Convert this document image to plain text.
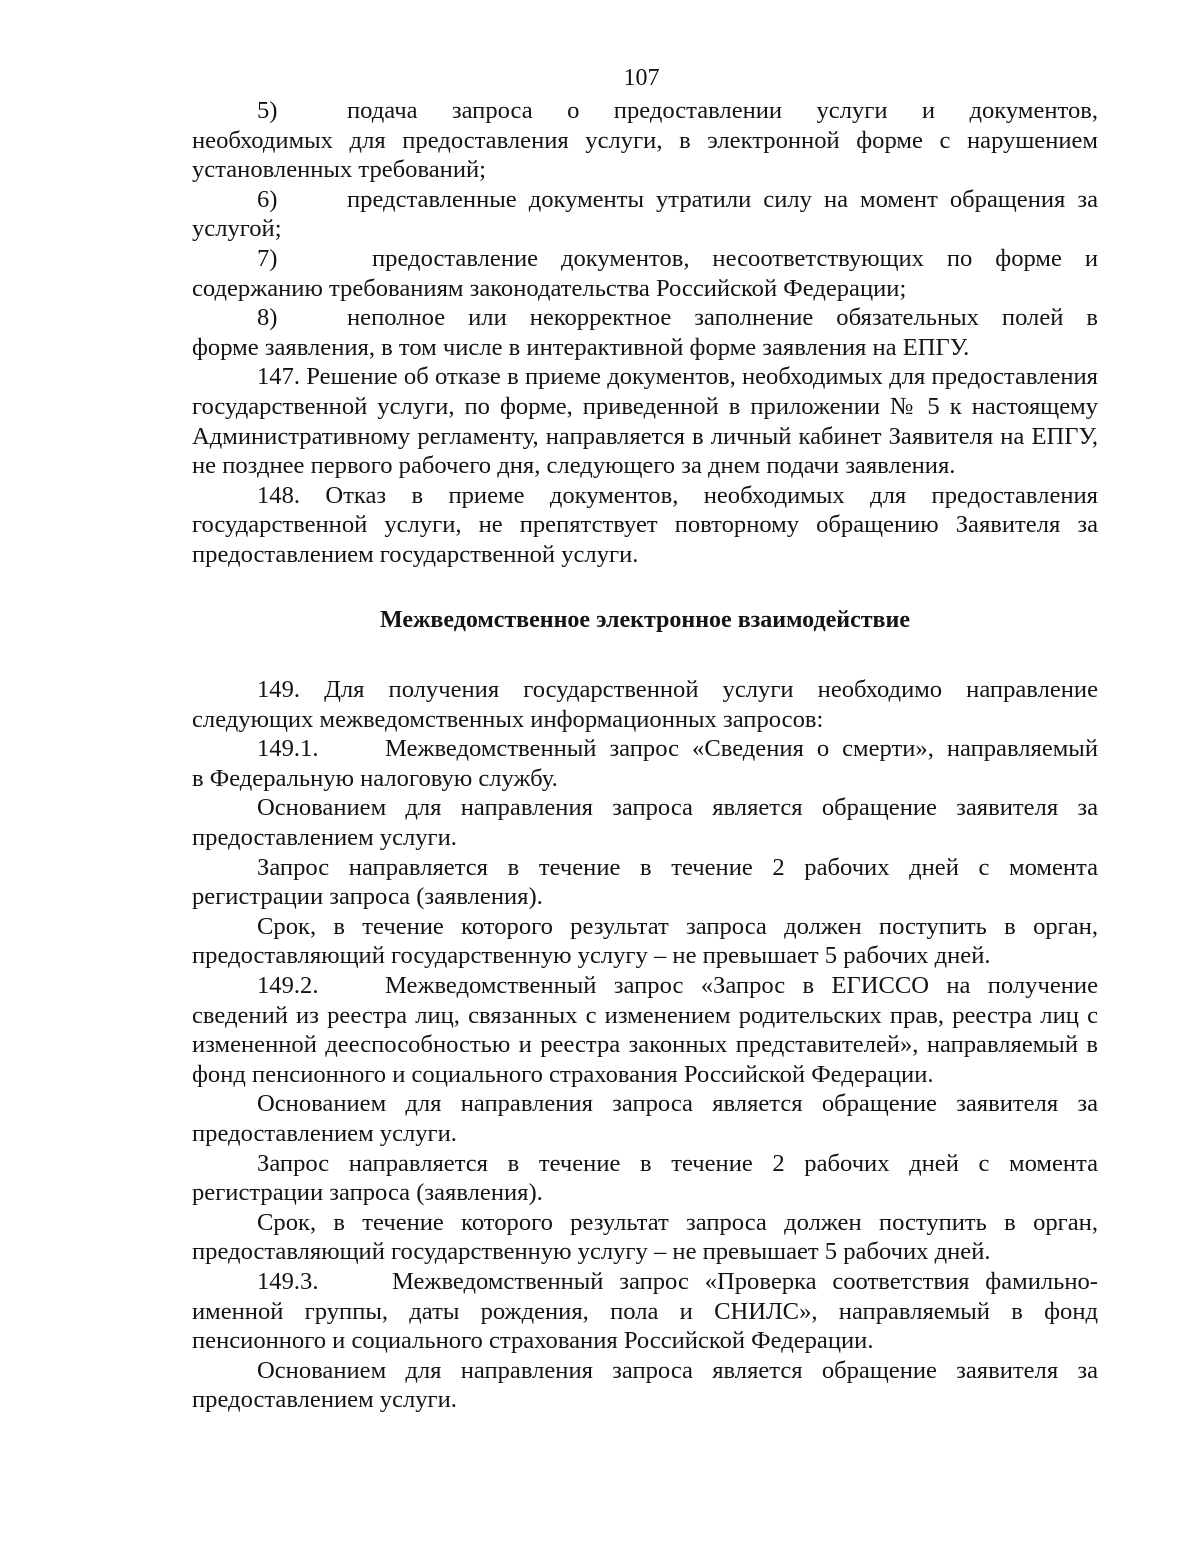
107

5)	подача запроса о предоставлении услуги и документов,

необходимых для предоставления услуги, в электронной форме с нарушением установленных требований;

6)	представленные документы утратили силу на момент обращения за

услугой;

7)	предоставление документов, несоответствующих по форме и

содержанию требованиям законодательства Российской Федерации;

8)	неполное или некорректное заполнение обязательных полей в

форме заявления, в том числе в интерактивной форме заявления на ЕПГУ.

147. Решение об отказе в приеме документов, необходимых для предоставления государственной услуги, по форме, приведенной в приложении № 5 к настоящему Административному регламенту, направляется в личный кабинет Заявителя на ЕПГУ, не позднее первого рабочего дня, следующего за днем подачи заявления.

148. Отказ в приеме документов, необходимых для предоставления государственной услуги, не препятствует повторному обращению Заявителя за предоставлением государственной услуги.

Межведомственное электронное взаимодействие

149. Для получения государственной услуги необходимо направление следующих межведомственных информационных запросов:

149.1.	Межведомственный запрос «Сведения о смерти», направляемый

в Федеральную налоговую службу.

Основанием для направления запроса является обращение заявителя за предоставлением услуги.

Запрос направляется в течение в течение 2 рабочих дней с момента регистрации запроса (заявления).

Срок, в течение которого результат запроса должен поступить в орган, предоставляющий государственную услугу – не превышает 5 рабочих дней.

149.2.	Межведомственный запрос «Запрос в ЕГИССО на получение

сведений из реестра лиц, связанных с изменением родительских прав, реестра лиц с измененной дееспособностью и реестра законных представителей», направляемый в фонд пенсионного и социального страхования Российской Федерации.

Основанием для направления запроса является обращение заявителя за предоставлением услуги.

Запрос направляется в течение в течение 2 рабочих дней с момента регистрации запроса (заявления).

Срок, в течение которого результат запроса должен поступить в орган, предоставляющий государственную услугу – не превышает 5 рабочих дней.

149.3.	Межведомственный запрос «Проверка соответствия фамильно-

именной группы, даты рождения, пола и СНИЛС», направляемый в фонд пенсионного и социального страхования Российской Федерации.

Основанием для направления запроса является обращение заявителя за предоставлением услуги.
